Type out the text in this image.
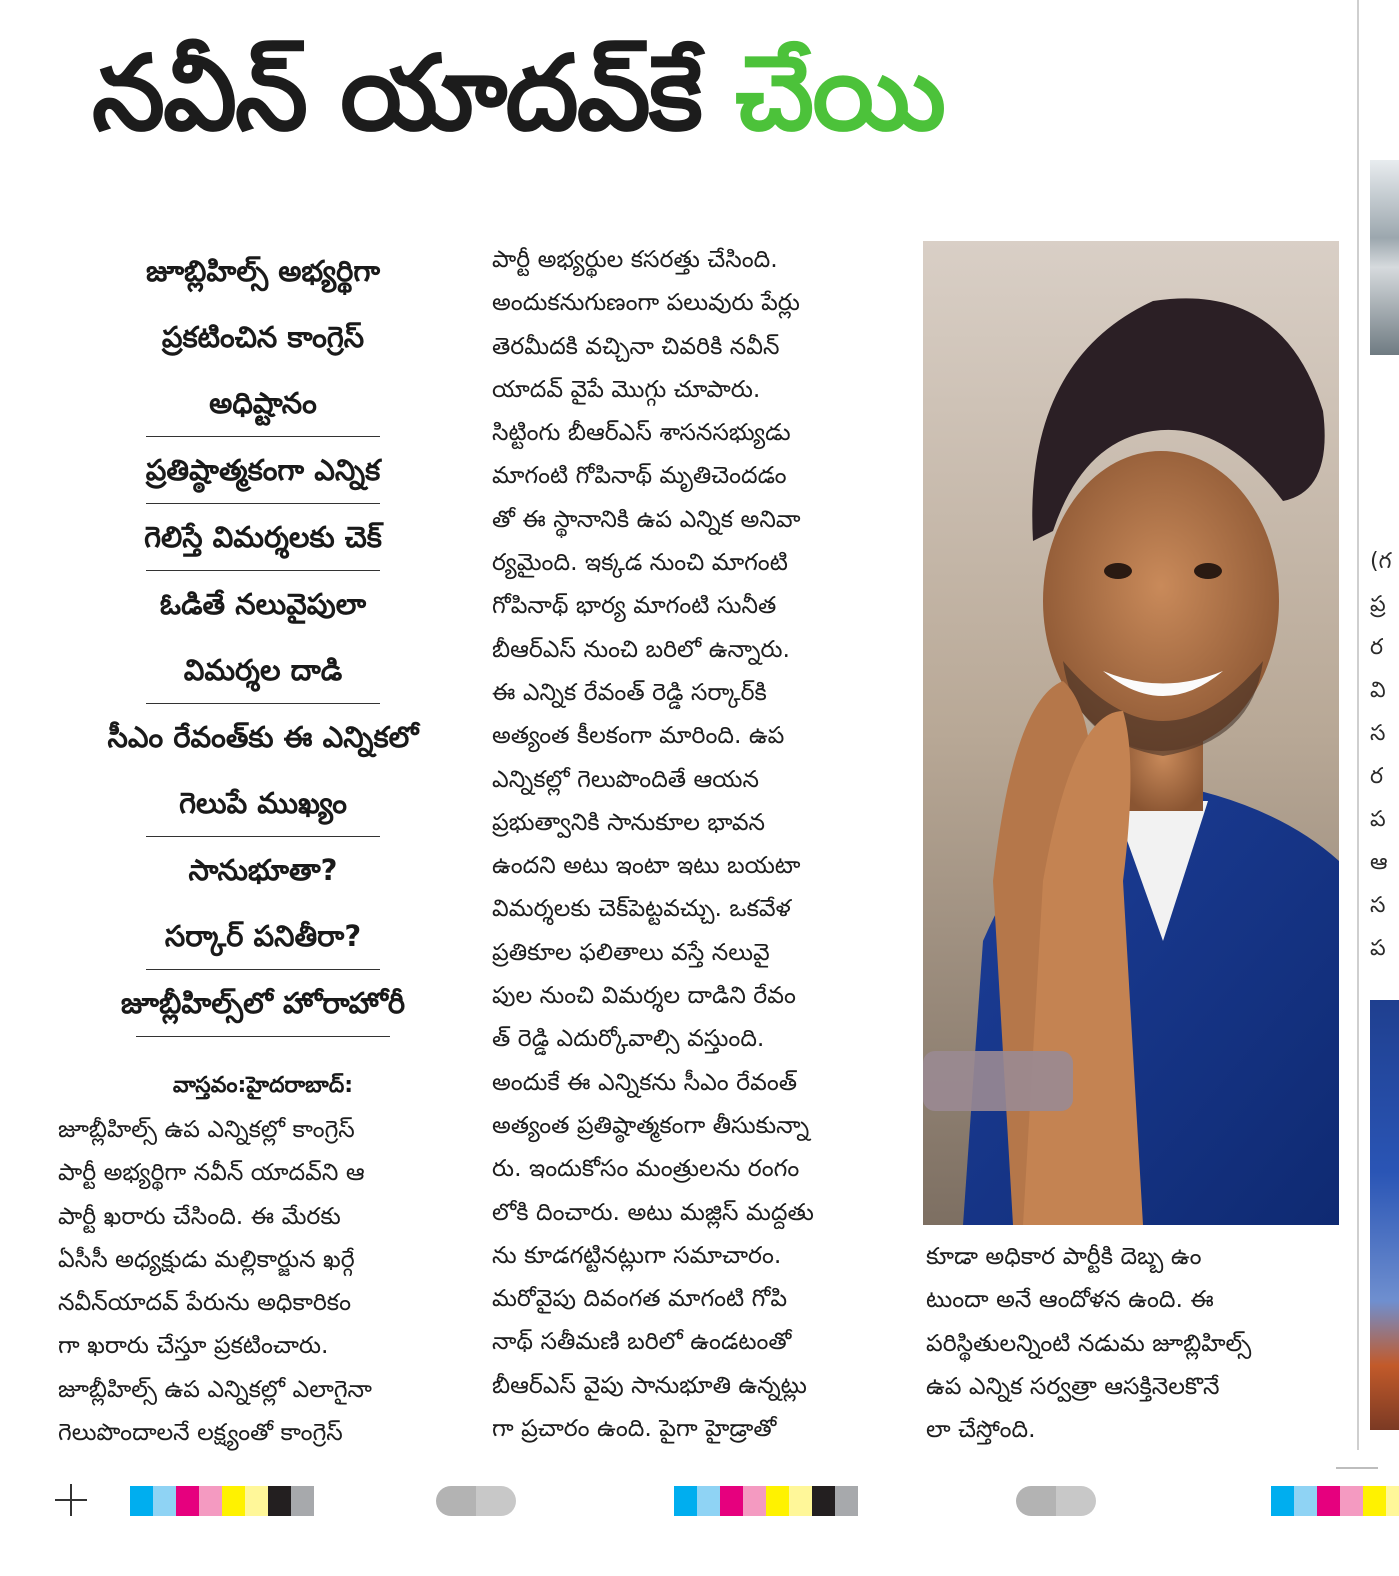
నవీన్ యాదవ్‌కే చేయి
జూబ్లిహిల్స్ అభ్యర్థిగా
ప్రకటించిన కాంగ్రెస్
అధిష్టానం
ప్రతిష్ఠాత్మకంగా ఎన్నిక
గెలిస్తే విమర్శలకు చెక్
ఓడితే నలువైపులా
విమర్శల దాడి
సీఎం రేవంత్‌కు ఈ ఎన్నికలో
గెలుపే ముఖ్యం
సానుభూతా?
సర్కార్ పనితీరా?
జూబ్లీహిల్స్‌లో హోరాహోరీ
వాస్తవం:హైదరాబాద్:
జూబ్లీహిల్స్ ఉప ఎన్నికల్లో కాంగ్రెస్
పార్టీ అభ్యర్థిగా నవీన్ యాదవ్‌ని ఆ
పార్టీ ఖరారు చేసింది. ఈ మేరకు
ఏసీసీ అధ్యక్షుడు మల్లికార్జున ఖర్గే
నవీన్‌యాదవ్ పేరును అధికారికం
గా ఖరారు చేస్తూ ప్రకటించారు.
జూబ్లీహిల్స్ ఉప ఎన్నికల్లో ఎలాగైనా
గెలుపొందాలనే లక్ష్యంతో కాంగ్రెస్
పార్టీ అభ్యర్థుల కసరత్తు చేసింది.
అందుకనుగుణంగా పలువురు పేర్లు
తెరమీదకి వచ్చినా చివరికి నవీన్
యాదవ్ వైపే మొగ్గు చూపారు.
సిట్టింగు బీఆర్ఎస్ శాసనసభ్యుడు
మాగంటి గోపినాథ్ మృతిచెందడం
తో ఈ స్థానానికి ఉప ఎన్నిక అనివా
ర్యమైంది. ఇక్కడ నుంచి మాగంటి
గోపినాథ్ భార్య మాగంటి సునీత
బీఆర్ఎస్ నుంచి బరిలో ఉన్నారు.
ఈ ఎన్నిక రేవంత్ రెడ్డి సర్కార్‌కి
అత్యంత కీలకంగా మారింది. ఉప
ఎన్నికల్లో గెలుపొందితే ఆయన
ప్రభుత్వానికి సానుకూల భావన
ఉందని అటు ఇంటా ఇటు బయటా
విమర్శలకు చెక్‌పెట్టవచ్చు. ఒకవేళ
ప్రతికూల ఫలితాలు వస్తే నలువై
పుల నుంచి విమర్శల దాడిని రేవం
త్ రెడ్డి ఎదుర్కోవాల్సి వస్తుంది.
అందుకే ఈ ఎన్నికను సీఎం రేవంత్
అత్యంత ప్రతిష్ఠాత్మకంగా తీసుకున్నా
రు. ఇందుకోసం మంత్రులను రంగం
లోకి దించారు. అటు మజ్లిస్ మద్దతు
ను కూడగట్టినట్లుగా సమాచారం.
మరోవైపు దివంగత మాగంటి గోపి
నాథ్ సతీమణి బరిలో ఉండటంతో
బీఆర్ఎస్ వైపు సానుభూతి ఉన్నట్లు
గా ప్రచారం ఉంది. పైగా హైడ్రాతో
కూడా అధికార పార్టీకి దెబ్బ ఉం
టుందా అనే ఆందోళన ఉంది. ఈ
పరిస్థితులన్నింటి నడుమ జూబ్లిహిల్స్
ఉప ఎన్నిక సర్వత్రా ఆసక్తినెలకొనే
లా చేస్తోంది.
(గ
ప్ర
ర
వి
స
ర
ప
ఆ
స
ప
